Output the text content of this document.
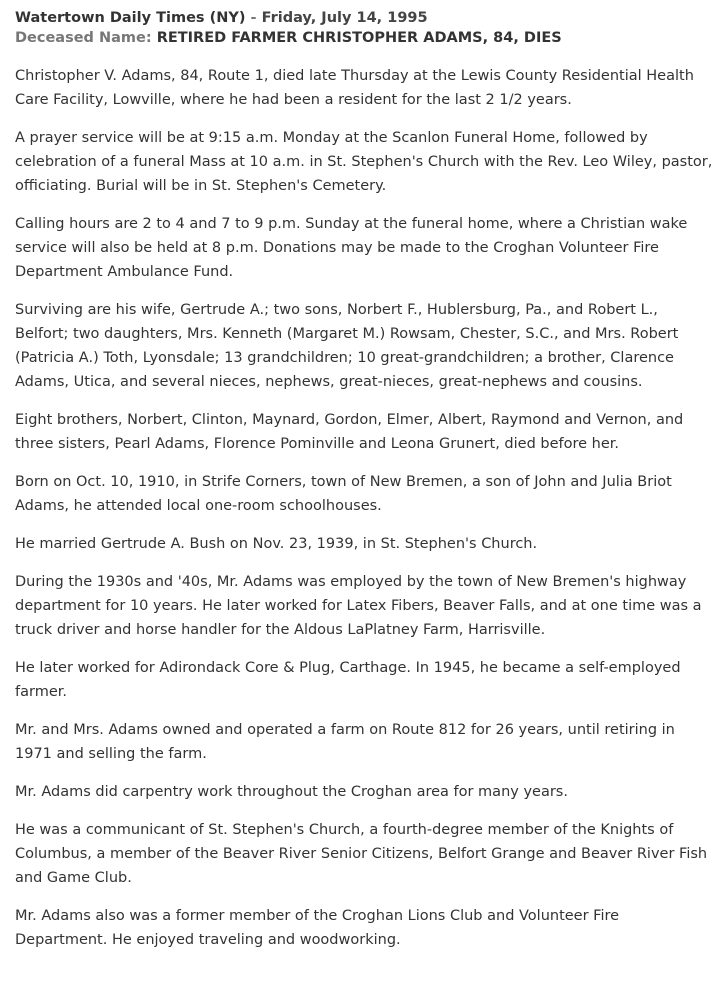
Watertown Daily Times (NY) - Friday, July 14, 1995
Deceased Name: RETIRED FARMER CHRISTOPHER ADAMS, 84, DIES

Christopher V. Adams, 84, Route 1, died late Thursday at the Lewis County Residential Health Care Facility, Lowville, where he had been a resident for the last 2 1/2 years.

A prayer service will be at 9:15 a.m. Monday at the Scanlon Funeral Home, followed by celebration of a funeral Mass at 10 a.m. in St. Stephen's Church with the Rev. Leo Wiley, pastor, officiating. Burial will be in St. Stephen's Cemetery.

Calling hours are 2 to 4 and 7 to 9 p.m. Sunday at the funeral home, where a Christian wake service will also be held at 8 p.m. Donations may be made to the Croghan Volunteer Fire Department Ambulance Fund.

Surviving are his wife, Gertrude A.; two sons, Norbert F., Hublersburg, Pa., and Robert L., Belfort; two daughters, Mrs. Kenneth (Margaret M.) Rowsam, Chester, S.C., and Mrs. Robert (Patricia A.) Toth, Lyonsdale; 13 grandchildren; 10 great-grandchildren; a brother, Clarence Adams, Utica, and several nieces, nephews, great-nieces, great-nephews and cousins.

Eight brothers, Norbert, Clinton, Maynard, Gordon, Elmer, Albert, Raymond and Vernon, and three sisters, Pearl Adams, Florence Pominville and Leona Grunert, died before her.

Born on Oct. 10, 1910, in Strife Corners, town of New Bremen, a son of John and Julia Briot Adams, he attended local one-room schoolhouses.

He married Gertrude A. Bush on Nov. 23, 1939, in St. Stephen's Church.

During the 1930s and '40s, Mr. Adams was employed by the town of New Bremen's highway department for 10 years. He later worked for Latex Fibers, Beaver Falls, and at one time was a truck driver and horse handler for the Aldous LaPlatney Farm, Harrisville.

He later worked for Adirondack Core & Plug, Carthage. In 1945, he became a self-employed farmer.

Mr. and Mrs. Adams owned and operated a farm on Route 812 for 26 years, until retiring in 1971 and selling the farm.

Mr. Adams did carpentry work throughout the Croghan area for many years.

He was a communicant of St. Stephen's Church, a fourth-degree member of the Knights of Columbus, a member of the Beaver River Senior Citizens, Belfort Grange and Beaver River Fish and Game Club.

Mr. Adams also was a former member of the Croghan Lions Club and Volunteer Fire Department. He enjoyed traveling and woodworking.
